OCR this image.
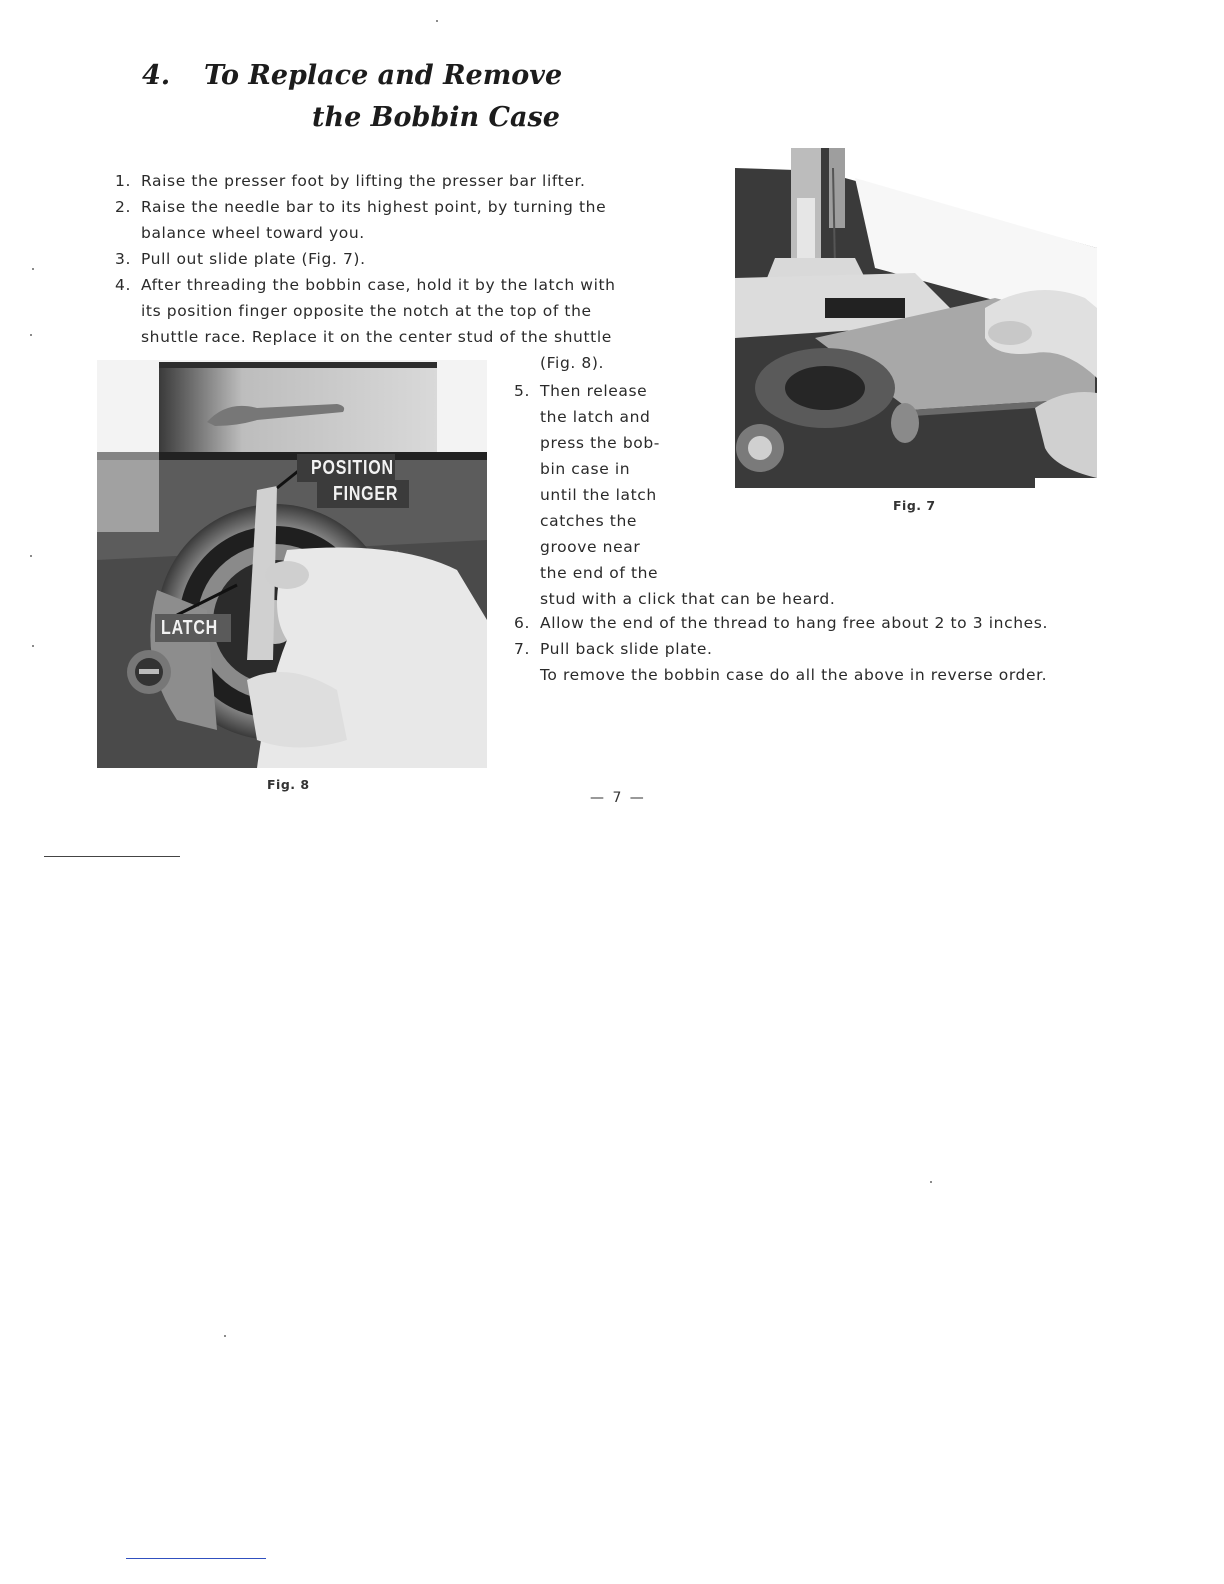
4. To Replace and Remove
the Bobbin Case
1. Raise the presser foot by lifting the presser bar lifter.
2. Raise the needle bar to its highest point, by turning the
balance wheel toward you.
3. Pull out slide plate (Fig. 7).
4. After threading the bobbin case, hold it by the latch with
its position finger opposite the notch at the top of the
shuttle race. Replace it on the center stud of the shuttle
(Fig. 8).
5. Then release
the latch and
press the bob-
bin case in
until the latch
catches the
groove near
the end of the
stud with a click that can be heard.
6. Allow the end of the thread to hang free about 2 to 3 inches.
7. Pull back slide plate.
To remove the bobbin case do all the above in reverse order.
POSITION
FINGER
LATCH
Fig. 8
Fig. 7
— 7 —
